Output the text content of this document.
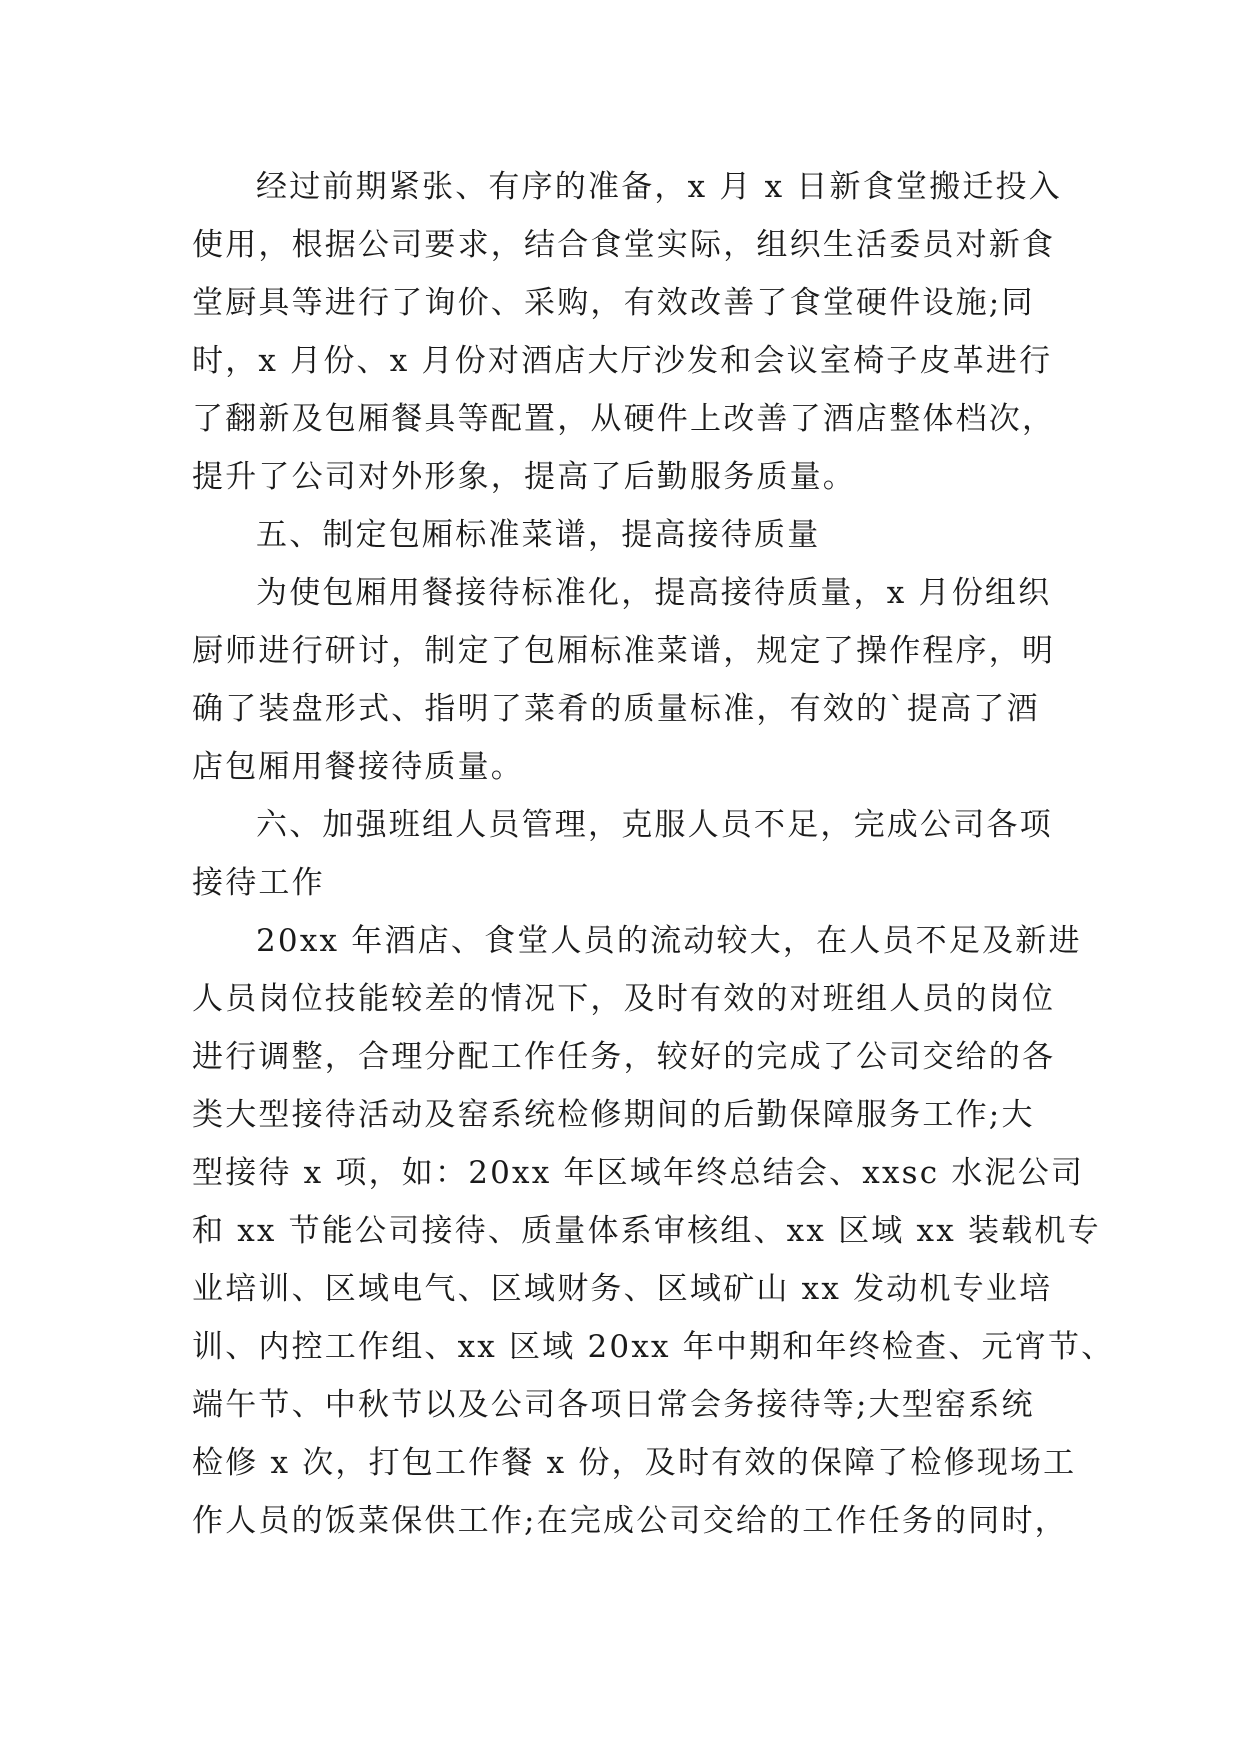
经过前期紧张、有序的准备，x 月 x 日新食堂搬迁投入
使用，根据公司要求，结合食堂实际，组织生活委员对新食
堂厨具等进行了询价、采购，有效改善了食堂硬件设施;同
时，x 月份、x 月份对酒店大厅沙发和会议室椅子皮革进行
了翻新及包厢餐具等配置，从硬件上改善了酒店整体档次，
提升了公司对外形象，提高了后勤服务质量。
五、制定包厢标准菜谱，提高接待质量
为使包厢用餐接待标准化，提高接待质量，x 月份组织
厨师进行研讨，制定了包厢标准菜谱，规定了操作程序，明
确了装盘形式、指明了菜肴的质量标准，有效的`提高了酒
店包厢用餐接待质量。
六、加强班组人员管理，克服人员不足，完成公司各项
接待工作
20xx 年酒店、食堂人员的流动较大，在人员不足及新进
人员岗位技能较差的情况下，及时有效的对班组人员的岗位
进行调整，合理分配工作任务，较好的完成了公司交给的各
类大型接待活动及窑系统检修期间的后勤保障服务工作;大
型接待 x 项，如：20xx 年区域年终总结会、xxsc 水泥公司
和 xx 节能公司接待、质量体系审核组、xx 区域 xx 装载机专
业培训、区域电气、区域财务、区域矿山 xx 发动机专业培
训、内控工作组、xx 区域 20xx 年中期和年终检查、元宵节、
端午节、中秋节以及公司各项日常会务接待等;大型窑系统
检修 x 次，打包工作餐 x 份，及时有效的保障了检修现场工
作人员的饭菜保供工作;在完成公司交给的工作任务的同时，
